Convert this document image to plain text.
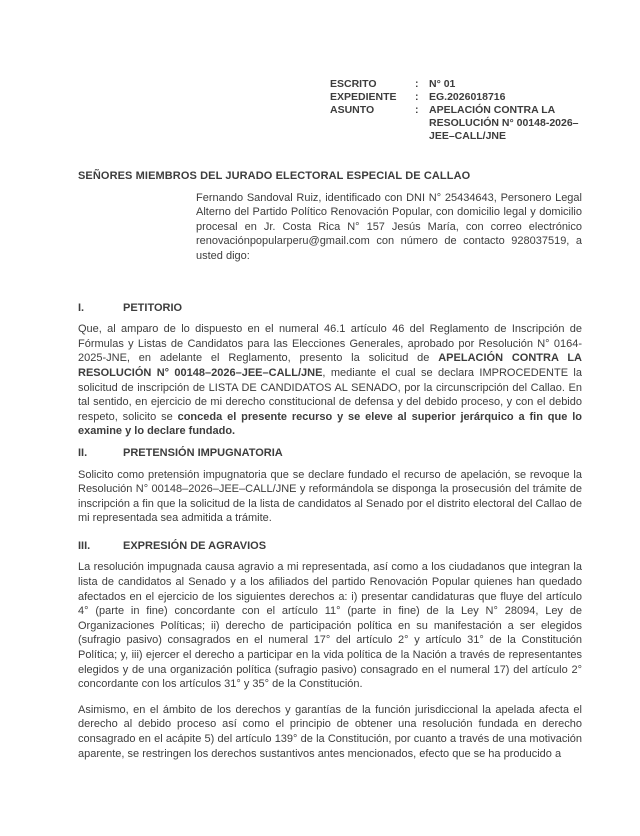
ESCRITO	:	N° 01
EXPEDIENTE	:	EG.2026018716
ASUNTO	:	APELACIÓN CONTRA LA RESOLUCIÓN N° 00148-2026–JEE–CALL/JNE
SEÑORES MIEMBROS DEL JURADO ELECTORAL ESPECIAL DE CALLAO

Fernando Sandoval Ruiz, identificado con DNI N° 25434643, Personero Legal Alterno del Partido Político Renovación Popular, con domicilio legal y domicilio procesal en Jr. Costa Rica N° 157 Jesús María, con correo electrónico renovaciónpopularperu@gmail.com con número de contacto 928037519, a usted digo:

I.	PETITORIO

Que, al amparo de lo dispuesto en el numeral 46.1 artículo 46 del Reglamento de Inscripción de Fórmulas y Listas de Candidatos para las Elecciones Generales, aprobado por Resolución N° 0164-2025-JNE, en adelante el Reglamento, presento la solicitud de APELACIÓN CONTRA LA RESOLUCIÓN N° 00148–2026–JEE–CALL/JNE, mediante el cual se declara IMPROCEDENTE la solicitud de inscripción de LISTA DE CANDIDATOS AL SENADO, por la circunscripción del Callao. En tal sentido, en ejercicio de mi derecho constitucional de defensa y del debido proceso, y con el debido respeto, solicito se conceda el presente recurso y se eleve al superior jerárquico a fin que lo examine y lo declare fundado.

II.	PRETENSIÓN IMPUGNATORIA

Solicito como pretensión impugnatoria que se declare fundado el recurso de apelación, se revoque la Resolución N° 00148–2026–JEE–CALL/JNE y reformándola se disponga la prosecusión del trámite de inscripción a fin que la solicitud de la lista de candidatos al Senado por el distrito electoral del Callao de mi representada sea admitida a trámite.

III.	EXPRESIÓN DE AGRAVIOS

La resolución impugnada causa agravio a mi representada, así como a los ciudadanos que integran la lista de candidatos al Senado y a los afiliados del partido Renovación Popular quienes han quedado afectados en el ejercicio de los siguientes derechos a: i) presentar candidaturas que fluye del artículo 4° (parte in fine) concordante con el artículo 11° (parte in fine) de la Ley N° 28094, Ley de Organizaciones Políticas; ii) derecho de participación política en su manifestación a ser elegidos (sufragio pasivo) consagrados en el numeral 17° del artículo 2° y artículo 31° de la Constitución Política; y, iii) ejercer el derecho a participar en la vida política de la Nación a través de representantes elegidos y de una organización política (sufragio pasivo) consagrado en el numeral 17) del artículo 2° concordante con los artículos 31° y 35° de la Constitución.

Asimismo, en el ámbito de los derechos y garantías de la función jurisdiccional la apelada afecta el derecho al debido proceso así como el principio de obtener una resolución fundada en derecho consagrado en el acápite 5) del artículo 139° de la Constitución, por cuanto a través de una motivación aparente, se restringen los derechos sustantivos antes mencionados, efecto que se ha producido a
